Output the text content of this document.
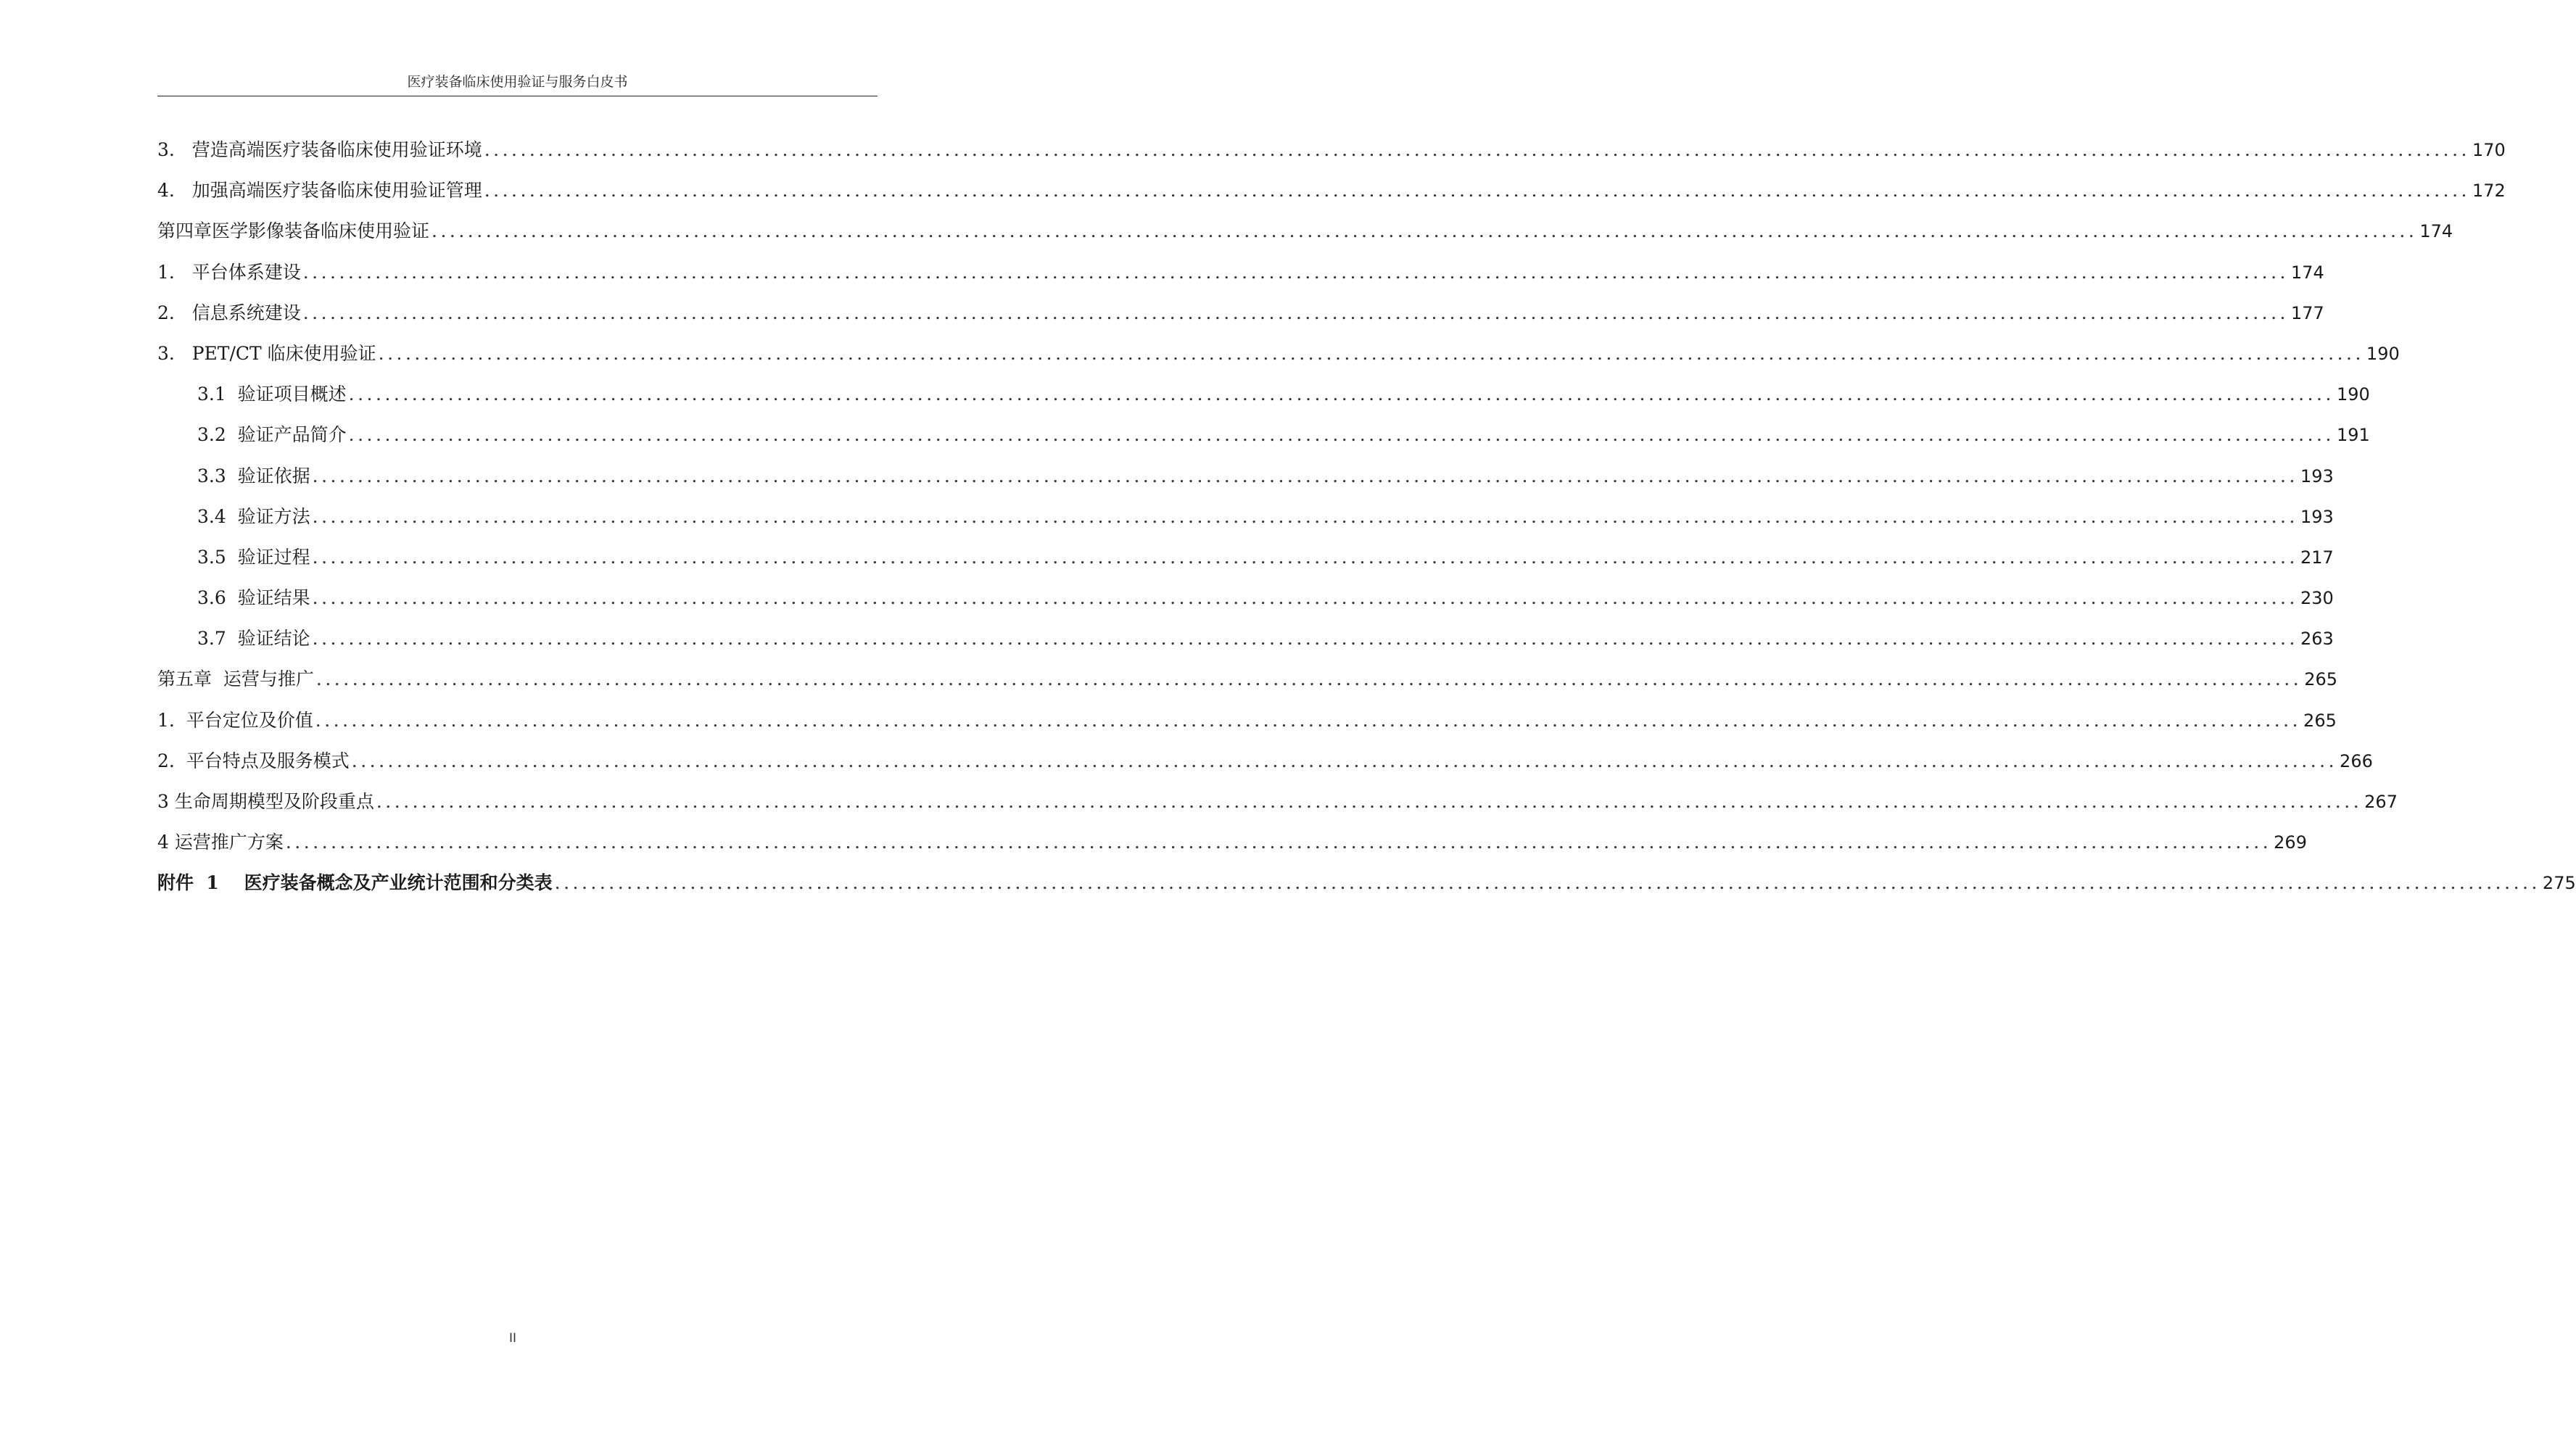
医疗装备临床使用验证与服务白皮书
3.   营造高端医疗装备临床使用验证环境 ............................................................................................................................................................................................................................ 170
4.   加强高端医疗装备临床使用验证管理 ............................................................................................................................................................................................................................ 172
第四章医学影像装备临床使用验证 ............................................................................................................................................................................................................................ 174
1.   平台体系建设 ............................................................................................................................................................................................................................ 174
2.   信息系统建设 ............................................................................................................................................................................................................................ 177
3.   PET/CT 临床使用验证 ............................................................................................................................................................................................................................ 190
3.1  验证项目概述 ............................................................................................................................................................................................................................ 190
3.2  验证产品简介 ............................................................................................................................................................................................................................ 191
3.3  验证依据 ............................................................................................................................................................................................................................ 193
3.4  验证方法 ............................................................................................................................................................................................................................ 193
3.5  验证过程 ............................................................................................................................................................................................................................ 217
3.6  验证结果 ............................................................................................................................................................................................................................ 230
3.7  验证结论 ............................................................................................................................................................................................................................ 263
第五章  运营与推广 ............................................................................................................................................................................................................................ 265
1.  平台定位及价值 ............................................................................................................................................................................................................................ 265
2.  平台特点及服务模式 ............................................................................................................................................................................................................................ 266
3 生命周期模型及阶段重点 ............................................................................................................................................................................................................................ 267
4 运营推广方案 ............................................................................................................................................................................................................................ 269
附件  1    医疗装备概念及产业统计范围和分类表 ............................................................................................................................................................................................................................ 275
II
